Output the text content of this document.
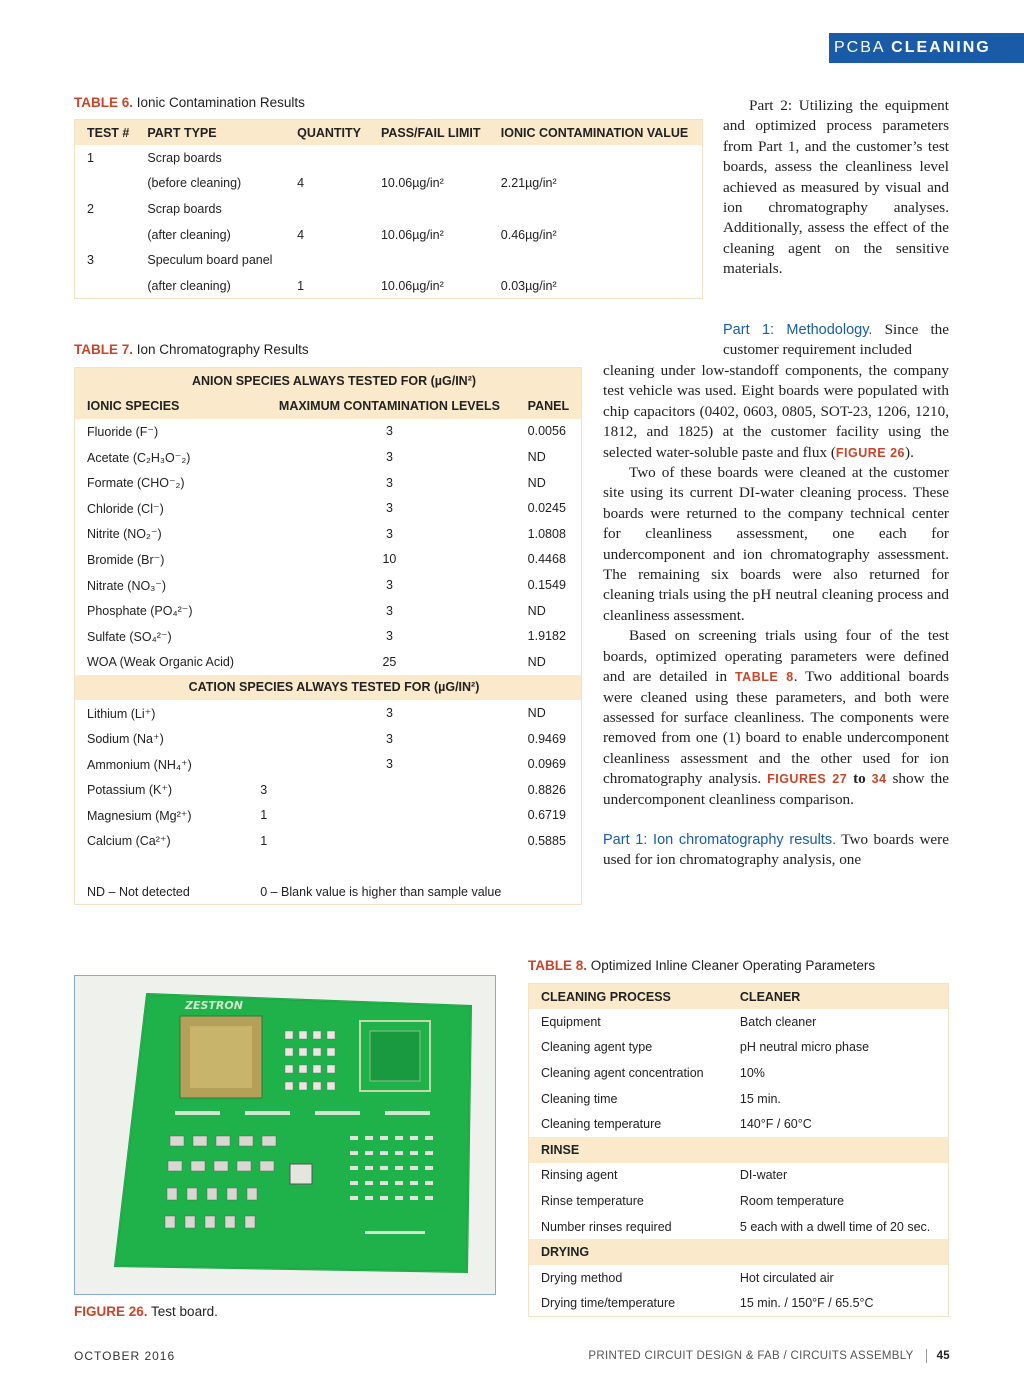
PCBA CLEANING
TABLE 6. Ionic Contamination Results
TEST #	PART TYPE	QUANTITY	PASS/FAIL LIMIT	IONIC CONTAMINATION VALUE
1	Scrap boards			
	(before cleaning)	4	10.06µg/in²	2.21µg/in²
2	Scrap boards			
	(after cleaning)	4	10.06µg/in²	0.46µg/in²
3	Speculum board panel			
	(after cleaning)	1	10.06µg/in²	0.03µg/in²
TABLE 7. Ion Chromatography Results
ANION SPECIES ALWAYS TESTED FOR (µG/IN²)		
IONIC SPECIES	MAXIMUM CONTAMINATION LEVELS	PANEL
Fluoride (F⁻)	3	0.0056
Acetate (C₂H₃O⁻₂)	3	ND
Formate (CHO⁻₂)	3	ND
Chloride (Cl⁻)	3	0.0245
Nitrite (NO₂⁻)	3	1.0808
Bromide (Br⁻)	10	0.4468
Nitrate (NO₃⁻)	3	0.1549
Phosphate (PO₄²⁻)	3	ND
Sulfate (SO₄²⁻)	3	1.9182
WOA (Weak Organic Acid)	25	ND
CATION SPECIES ALWAYS TESTED FOR (µG/IN²)		
Lithium (Li⁺)	3	ND
Sodium (Na⁺)	3	0.9469
Ammonium (NH₄⁺)	3	0.0969
Potassium (K⁺)	3	0.8826
Magnesium (Mg²⁺)	1	0.6719
Calcium (Ca²⁺)	1	0.5885

ND – Not detected	0 – Blank value is higher than sample value	

Part 2: Utilizing the equipment and optimized process parameters from Part 1, and the customer’s test boards, assess the cleanliness level achieved as measured by visual and ion chromatography analyses. Additionally, assess the effect of the cleaning agent on the sensitive materials.

Part 1: Methodology. Since the customer requirement included

cleaning under low-standoff components, the company test vehicle was used. Eight boards were populated with chip capacitors (0402, 0603, 0805, SOT-23, 1206, 1210, 1812, and 1825) at the customer facility using the selected water-soluble paste and flux (FIGURE 26).

Two of these boards were cleaned at the customer site using its current DI-water cleaning process. These boards were returned to the company technical center for cleanliness assessment, one each for undercomponent and ion chromatography assessment. The remaining six boards were also returned for cleaning trials using the pH neutral cleaning process and cleanliness assessment.

Based on screening trials using four of the test boards, optimized operating parameters were defined and are detailed in TABLE 8. Two additional boards were cleaned using these parameters, and both were assessed for surface cleanliness. The components were removed from one (1) board to enable undercomponent cleanliness assessment and the other used for ion chromatography analysis. FIGURES 27 to 34 show the undercomponent cleanliness comparison.

Part 1: Ion chromatography results. Two boards were used for ion chromatography analysis, one

ZESTRON
FIGURE 26. Test board.
TABLE 8. Optimized Inline Cleaner Operating Parameters
CLEANING PROCESS	CLEANER
Equipment	Batch cleaner
Cleaning agent type	pH neutral micro phase
Cleaning agent concentration	10%
Cleaning time	15 min.
Cleaning temperature	140°F / 60°C
RINSE	
Rinsing agent	DI-water
Rinse temperature	Room temperature
Number rinses required	5 each with a dwell time of 20 sec.
DRYING	
Drying method	Hot circulated air
Drying time/temperature	15 min. / 150°F / 65.5°C
OCTOBER 2016	PRINTED CIRCUIT DESIGN & FAB / CIRCUITS ASSEMBLY 45
